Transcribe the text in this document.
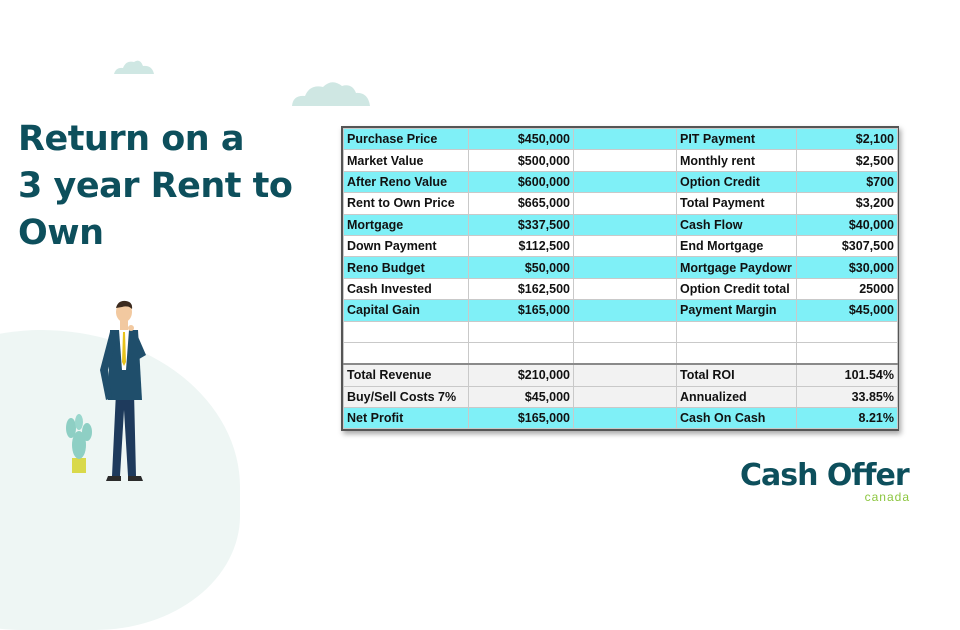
Return on a
3 year Rent to
Own
Purchase Price	$450,000		PIT Payment	$2,100
Market Value	$500,000		Monthly rent	$2,500
After Reno Value	$600,000		Option Credit	$700
Rent to Own Price	$665,000		Total Payment	$3,200
Mortgage	$337,500		Cash Flow	$40,000
Down Payment	$112,500		End Mortgage	$307,500
Reno Budget	$50,000		Mortgage Paydowr	$30,000
Cash Invested	$162,500		Option Credit total	25000
Capital Gain	$165,000		Payment Margin	$45,000

Total Revenue	$210,000		Total ROI	101.54%
Buy/Sell Costs 7%	$45,000		Annualized	33.85%
Net Profit	$165,000		Cash On Cash	8.21%
Cash Offer
canada
